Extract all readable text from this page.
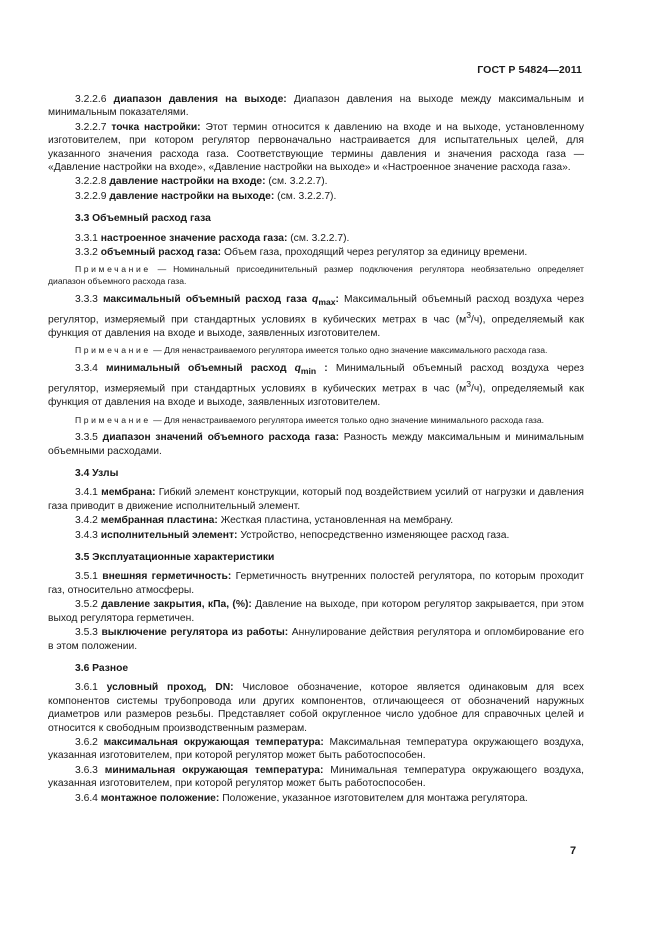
ГОСТ Р 54824—2011

3.2.2.6 диапазон давления на выходе: Диапазон давления на выходе между максимальным и минимальным показателями.

3.2.2.7 точка настройки: Этот термин относится к давлению на входе и на выходе, установленному изготовителем, при котором регулятор первоначально настраивается для испытательных целей, для указанного значения расхода газа. Соответствующие термины давления и значения расхода газа — «Давление настройки на входе», «Давление настройки на выходе» и «Настроенное значение расхода газа».

3.2.2.8 давление настройки на входе: (см. 3.2.2.7).

3.2.2.9 давление настройки на выходе: (см. 3.2.2.7).

3.3 Объемный расход газа

3.3.1 настроенное значение расхода газа: (см. 3.2.2.7).

3.3.2 объемный расход газа: Объем газа, проходящий через регулятор за единицу времени.

Примечание — Номинальный присоединительный размер подключения регулятора необязательно определяет диапазон объемного расхода газа.

3.3.3 максимальный объемный расход газа $q_{max}$: Максимальный объемный расход воздуха через регулятор, измеряемый при стандартных условиях в кубических метрах в час $(м^3/ч)$, определяемый как функция от давления на входе и выходе, заявленных изготовителем.

Примечание — Для ненастраиваемого регулятора имеется только одно значение максимального расхода газа.

3.3.4 минимальный объемный расход $q_{min}$ : Минимальный объемный расход воздуха через регулятор, измеряемый при стандартных условиях в кубических метрах в час $(м^3/ч)$, определяемый как функция от давления на входе и выходе, заявленных изготовителем.

Примечание — Для ненастраиваемого регулятора имеется только одно значение минимального расхода газа.

3.3.5 диапазон значений объемного расхода газа: Разность между максимальным и минимальным объемными расходами.

3.4 Узлы

3.4.1 мембрана: Гибкий элемент конструкции, который под воздействием усилий от нагрузки и давления газа приводит в движение исполнительный элемент.

3.4.2 мембранная пластина: Жесткая пластина, установленная на мембрану.

3.4.3 исполнительный элемент: Устройство, непосредственно изменяющее расход газа.

3.5 Эксплуатационные характеристики

3.5.1 внешняя герметичность: Герметичность внутренних полостей регулятора, по которым проходит газ, относительно атмосферы.

3.5.2 давление закрытия, кПа, (%): Давление на выходе, при котором регулятор закрывается, при этом выход регулятора герметичен.

3.5.3 выключение регулятора из работы: Аннулирование действия регулятора и опломбирование его в этом положении.

3.6 Разное

3.6.1 условный проход, DN: Числовое обозначение, которое является одинаковым для всех компонентов системы трубопровода или других компонентов, отличающееся от обозначений наружных диаметров или размеров резьбы. Представляет собой округленное число удобное для справочных целей и относится к свободным производственным размерам.

3.6.2 максимальная окружающая температура: Максимальная температура окружающего воздуха, указанная изготовителем, при которой регулятор может быть работоспособен.

3.6.3 минимальная окружающая температура: Минимальная температура окружающего воздуха, указанная изготовителем, при которой регулятор может быть работоспособен.

3.6.4 монтажное положение: Положение, указанное изготовителем для монтажа регулятора.

7
